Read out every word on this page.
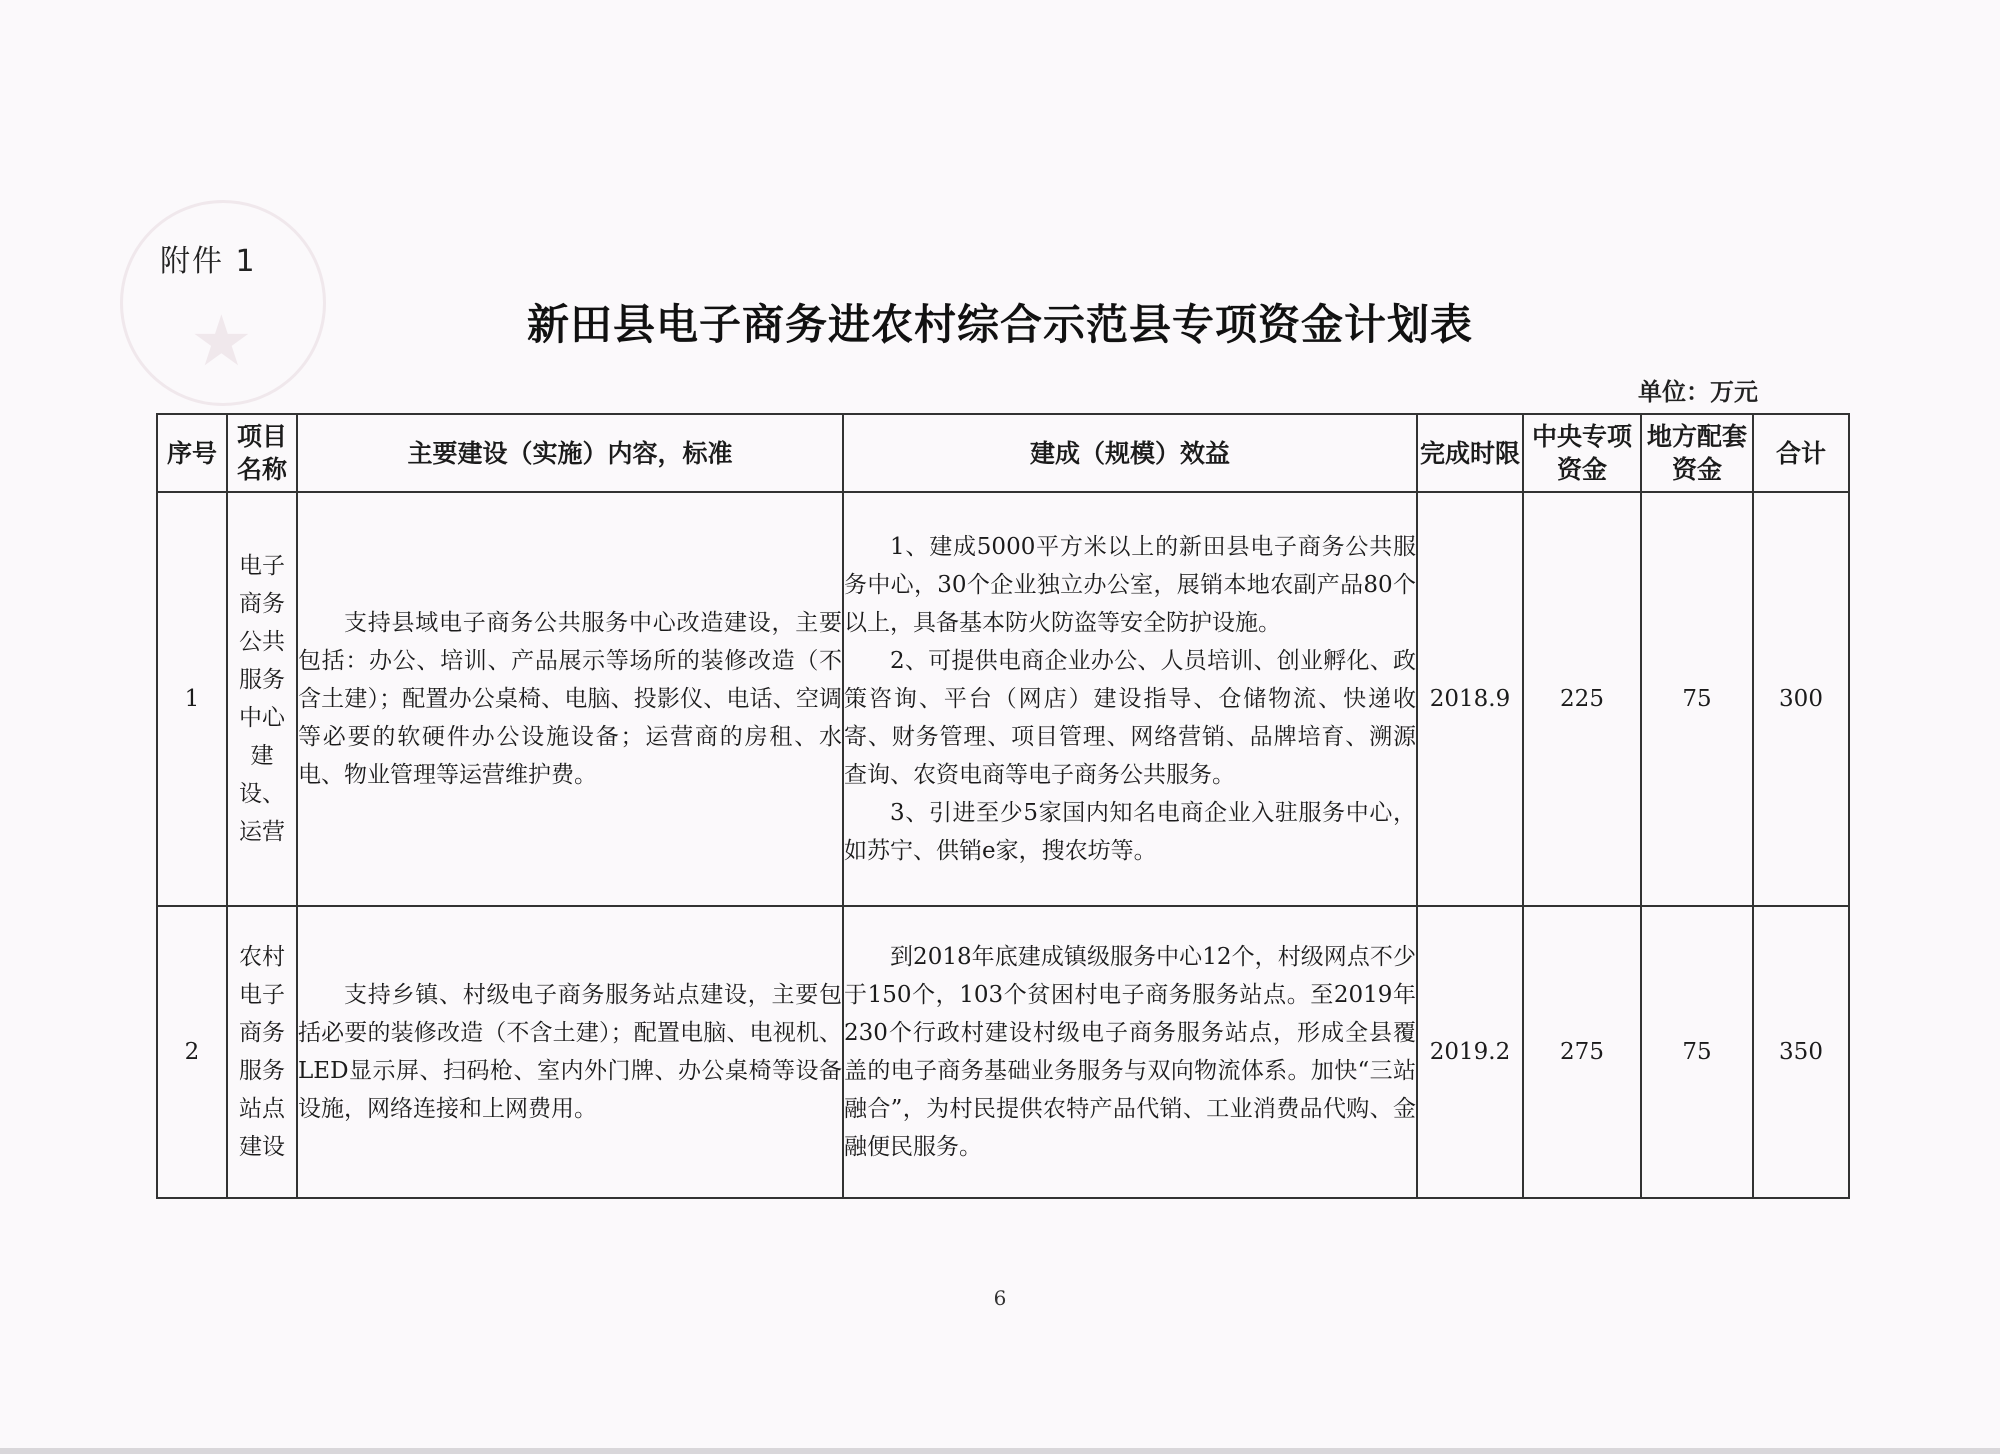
★
附件 1
新田县电子商务进农村综合示范县专项资金计划表
单位：万元
序号	项目名称	主要建设（实施）内容，标准	建成（规模）效益	完成时限	中央专项资金	地方配套资金	合计
1	电子商务公共服务中心建设、运营	支持县域电子商务公共服务中心改造建设，主要包括：办公、培训、产品展示等场所的装修改造（不含土建）；配置办公桌椅、电脑、投影仪、电话、空调等必要的软硬件办公设施设备；运营商的房租、水电、物业管理等运营维护费。	1、建成5000平方米以上的新田县电子商务公共服务中心，30个企业独立办公室，展销本地农副产品80个以上，具备基本防火防盗等安全防护设施。
2、可提供电商企业办公、人员培训、创业孵化、政策咨询、平台（网店）建设指导、仓储物流、快递收寄、财务管理、项目管理、网络营销、品牌培育、溯源查询、农资电商等电子商务公共服务。
3、引进至少5家国内知名电商企业入驻服务中心，如苏宁、供销e家，搜农坊等。	2018.9	225	75	300
2	农村电子商务服务站点建设	支持乡镇、村级电子商务服务站点建设，主要包括必要的装修改造（不含土建）；配置电脑、电视机、LED显示屏、扫码枪、室内外门牌、办公桌椅等设备设施，网络连接和上网费用。	到2018年底建成镇级服务中心12个，村级网点不少于150个，103个贫困村电子商务服务站点。至2019年230个行政村建设村级电子商务服务站点，形成全县覆盖的电子商务基础业务服务与双向物流体系。加快“三站融合”，为村民提供农特产品代销、工业消费品代购、金融便民服务。	2019.2	275	75	350
6
